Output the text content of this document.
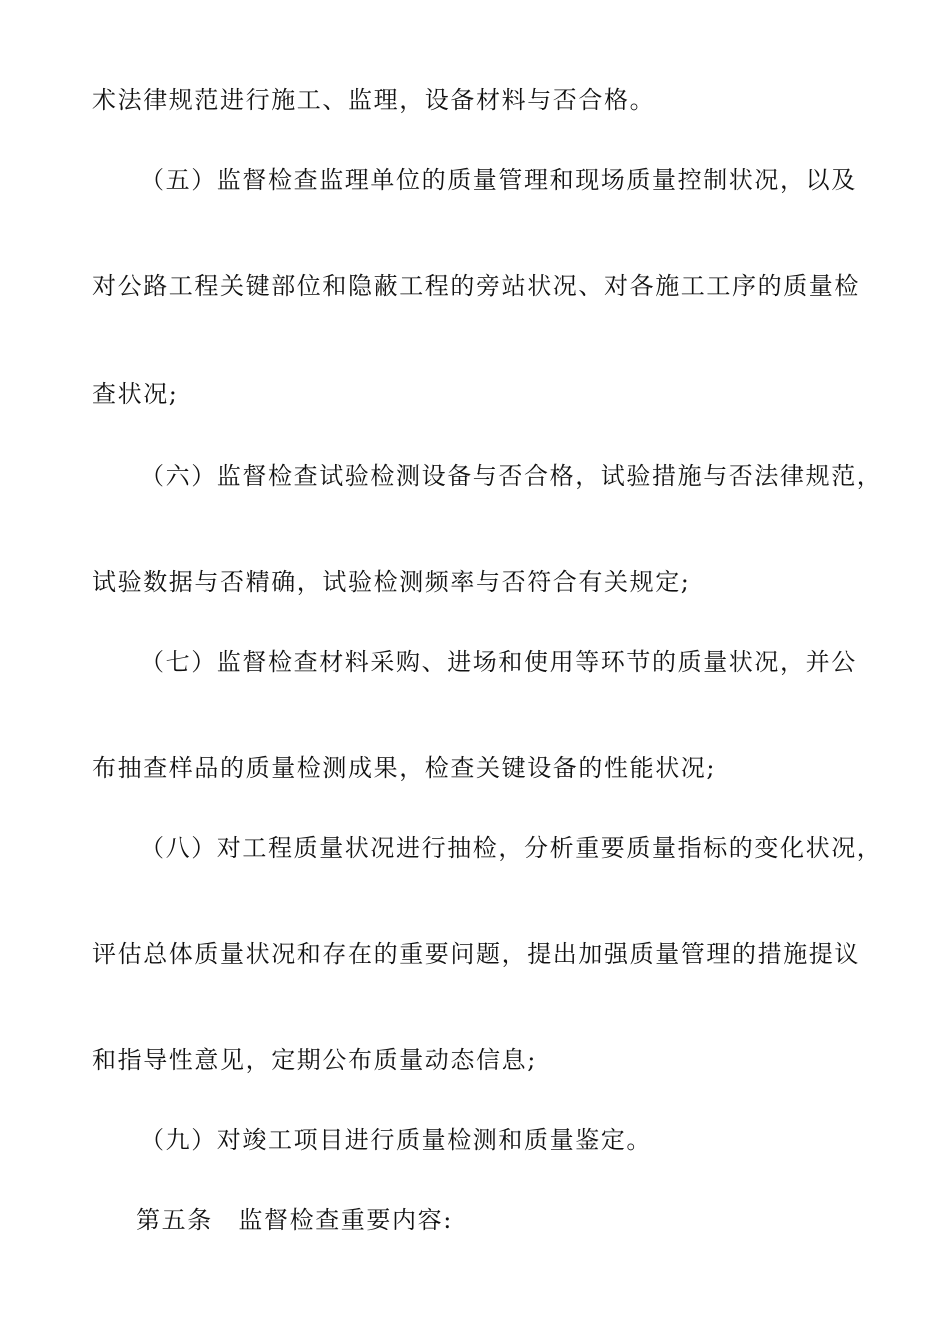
术法律规范进行施工、监理，设备材料与否合格。
（五）监督检查监理单位的质量管理和现场质量控制状况，以及
对公路工程关键部位和隐蔽工程的旁站状况、对各施工工序的质量检
查状况;
（六）监督检查试验检测设备与否合格，试验措施与否法律规范，
试验数据与否精确，试验检测频率与否符合有关规定;
（七）监督检查材料采购、进场和使用等环节的质量状况，并公
布抽查样品的质量检测成果，检查关键设备的性能状况;
（八）对工程质量状况进行抽检，分析重要质量指标的变化状况，
评估总体质量状况和存在的重要问题，提出加强质量管理的措施提议
和指导性意见，定期公布质量动态信息;
（九）对竣工项目进行质量检测和质量鉴定。
第五条　监督检查重要内容:
